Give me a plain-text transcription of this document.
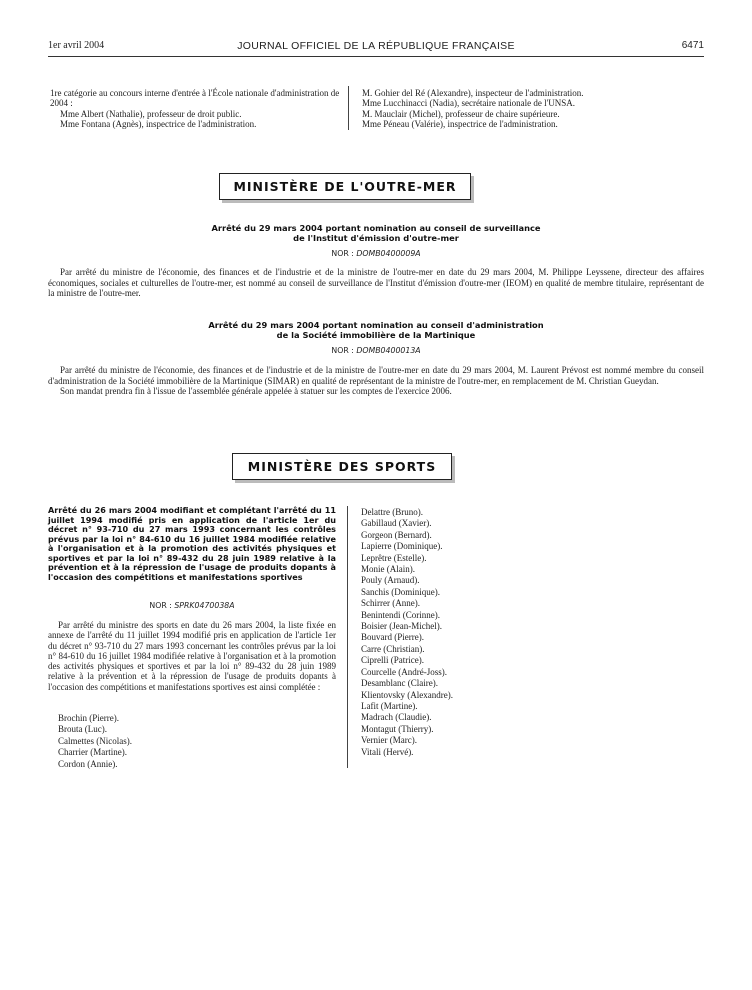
1er avril 2004	JOURNAL OFFICIEL DE LA RÉPUBLIQUE FRANÇAISE	6471

1re catégorie au concours interne d'entrée à l'École nationale d'administration de 2004 :

Mme Albert (Nathalie), professeur de droit public.

Mme Fontana (Agnès), inspectrice de l'administration.

M. Gohier del Ré (Alexandre), inspecteur de l'administration.

Mme Lucchinacci (Nadia), secrétaire nationale de l'UNSA.

M. Mauclair (Michel), professeur de chaire supérieure.

Mme Péneau (Valérie), inspectrice de l'administration.

MINISTÈRE DE L'OUTRE-MER
Arrêté du 29 mars 2004 portant nomination au conseil de surveillance
de l'Institut d'émission d'outre-mer
NOR : DOMB0400009A

Par arrêté du ministre de l'économie, des finances et de l'industrie et de la ministre de l'outre-mer en date du 29 mars 2004, M. Philippe Leyssene, directeur des affaires économiques, sociales et culturelles de l'outre-mer, est nommé au conseil de surveillance de l'Institut d'émission d'outre-mer (IEOM) en qualité de membre titulaire, représentant de la ministre de l'outre-mer.

Arrêté du 29 mars 2004 portant nomination au conseil d'administration
de la Société immobilière de la Martinique
NOR : DOMB0400013A

Par arrêté du ministre de l'économie, des finances et de l'industrie et de la ministre de l'outre-mer en date du 29 mars 2004, M. Laurent Prévost est nommé membre du conseil d'administration de la Société immobilière de la Martinique (SIMAR) en qualité de représentant de la ministre de l'outre-mer, en remplacement de M. Christian Gueydan.

Son mandat prendra fin à l'issue de l'assemblée générale appelée à statuer sur les comptes de l'exercice 2006.

MINISTÈRE DES SPORTS
Arrêté du 26 mars 2004 modifiant et complétant l'arrêté du 11 juillet 1994 modifié pris en application de l'article 1er du décret n° 93-710 du 27 mars 1993 concernant les contrôles prévus par la loi n° 84-610 du 16 juillet 1984 modifiée relative à l'organisation et à la promotion des activités physiques et sportives et par la loi n° 89-432 du 28 juin 1989 relative à la prévention et à la répression de l'usage de produits dopants à l'occasion des compétitions et manifestations sportives
NOR : SPRK0470038A

Par arrêté du ministre des sports en date du 26 mars 2004, la liste fixée en annexe de l'arrêté du 11 juillet 1994 modifié pris en application de l'article 1er du décret n° 93-710 du 27 mars 1993 concernant les contrôles prévus par la loi n° 84-610 du 16 juillet 1984 modifiée relative à l'organisation et à la promotion des activités physiques et sportives et par la loi n° 89-432 du 28 juin 1989 relative à la prévention et à la répression de l'usage de produits dopants à l'occasion des compétitions et manifestations sportives est ainsi complétée :

Brochin (Pierre).
Brouta (Luc).
Calmettes (Nicolas).
Charrier (Martine).
Cordon (Annie).
Delattre (Bruno).
Gabillaud (Xavier).
Gorgeon (Bernard).
Lapierre (Dominique).
Leprêtre (Estelle).
Monie (Alain).
Pouly (Arnaud).
Sanchis (Dominique).
Schirrer (Anne).
Benintendi (Corinne).
Boisier (Jean-Michel).
Bouvard (Pierre).
Carre (Christian).
Ciprelli (Patrice).
Courcelle (André-Joss).
Desamblanc (Claire).
Klientovsky (Alexandre).
Lafit (Martine).
Madrach (Claudie).
Montagut (Thierry).
Vernier (Marc).
Vitali (Hervé).
